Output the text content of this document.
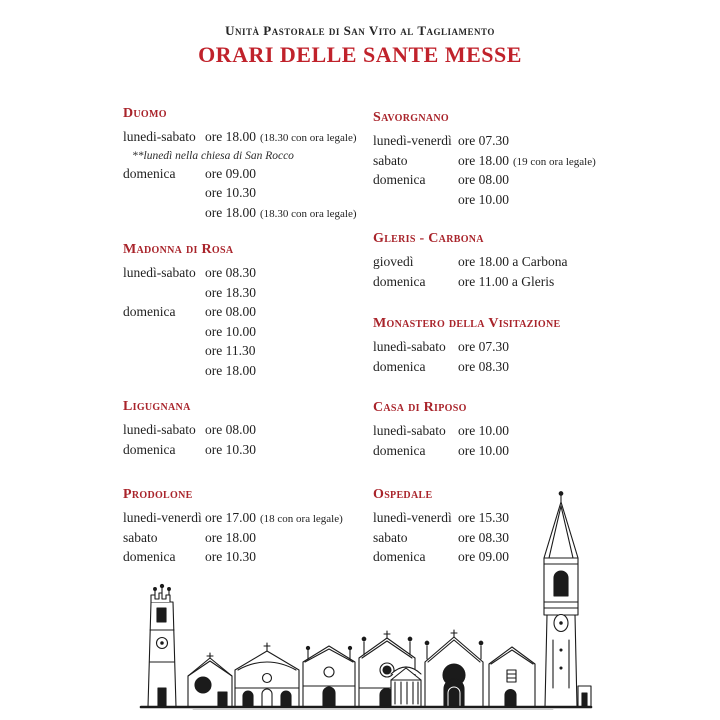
Unità Pastorale di San Vito al Tagliamento
ORARI DELLE SANTE MESSE
Duomo
lunedi-sabato ore 18.00 (18.30 con ora legale)
**lunedì nella chiesa di San Rocco
domenica	ore 09.00
ore 10.30
ore 18.00 (18.30 con ora legale)
Madonna di Rosa
lunedì-sabato ore 08.30
ore 18.30
domenica	ore 08.00
ore 10.00
ore 11.30
ore 18.00
Ligugnana
lunedi-sabato ore 08.00
domenica	ore 10.30
Prodolone
lunedi-venerdì ore 17.00 (18 con ora legale)
sabato	ore 18.00
domenica	ore 10.30
Savorgnano
lunedì-venerdì ore 07.30
sabato	ore 18.00 (19 con ora legale)
domenica	ore 08.00
ore 10.00
Gleris - Carbona
giovedì	ore 18.00 a Carbona
domenica	ore 11.00 a Gleris
Monastero della Visitazione
lunedì-sabato ore 07.30
domenica	ore 08.30
Casa di Riposo
lunedì-sabato ore 10.00
domenica	ore 10.00
Ospedale
lunedì-venerdì ore 15.30
sabato	ore 08.30
domenica	ore 09.00
